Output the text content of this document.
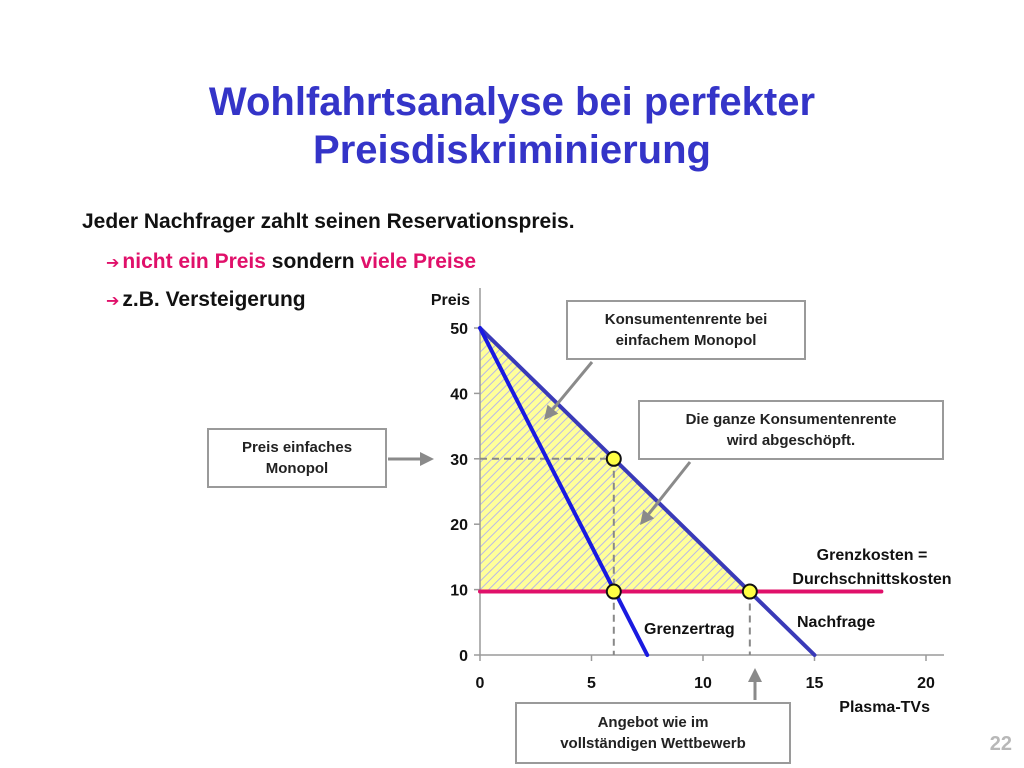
Wohlfahrtsanalyse bei perfekter
Preisdiskriminierung
Jeder Nachfrager zahlt seinen Reservationspreis.
➔ nicht ein Preis sondern viele Preise
➔ z.B. Versteigerung
0
10
20
30
40
50
0	5	10	15	20
Preis
Plasma-TVs
Nachfrage
Grenzertrag
Grenzkosten =
Durchschnittskosten
Konsumentenrente bei
einfachem Monopol
Die ganze Konsumentenrente
wird abgeschöpft.
Preis einfaches
Monopol
Angebot wie im
vollständigen Wettbewerb	22
